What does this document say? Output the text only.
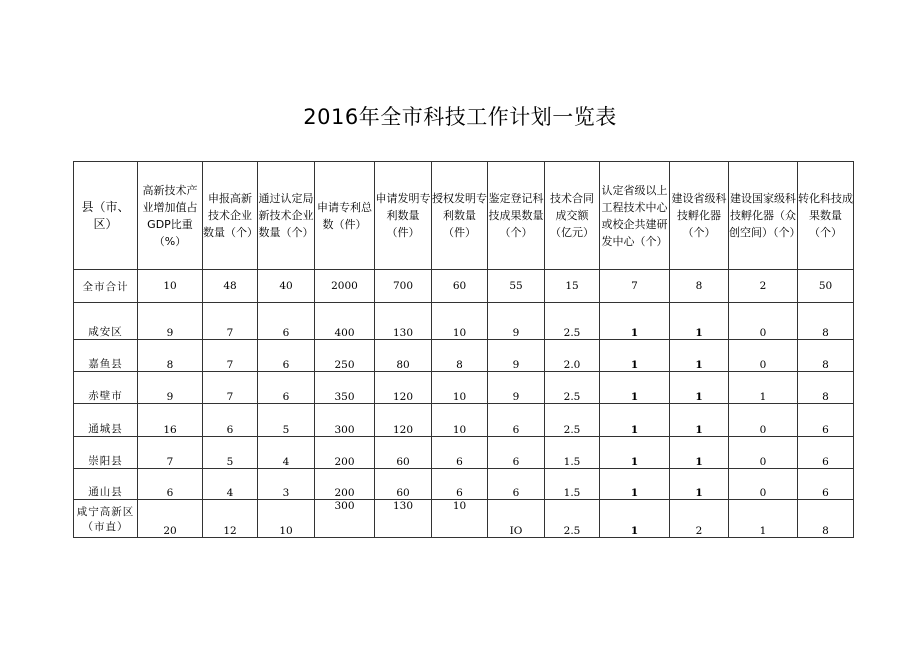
2016年全市科技工作计划一览表
县（市、区）	高新技术产业增加值占GDP比重（%）	申报高新技术企业数量（个）	通过认定局新技术企业数量（个）	申请专利总数（件）	申请发明专利数量（件）	授权发明专利数量（件）	鉴定登记科技成果数量（个）	技术合同成交额（亿元）	认定省级以上工程技术中心或校企共建研发中心（个）	建设省级科技孵化器（个）	建设国家级科技孵化器（众创空间）（个）	转化科技成果数量（个）
全市合计	10	48	40	2000	700	60	55	15	7	8	2	50
咸安区	9	7	6	400	130	10	9	2.5	1	1	0	8
嘉鱼县	8	7	6	250	80	8	9	2.0	1	1	0	8
赤壁市	9	7	6	350	120	10	9	2.5	1	1	1	8
通城县	16	6	5	300	120	10	6	2.5	1	1	0	6
崇阳县	7	5	4	200	60	6	6	1.5	1	1	0	6
通山县	6	4	3	200	60	6	6	1.5	1	1	0	6
咸宁高新区（市直）	20	12	10	300	130	10	IO	2.5	1	2	1	8
